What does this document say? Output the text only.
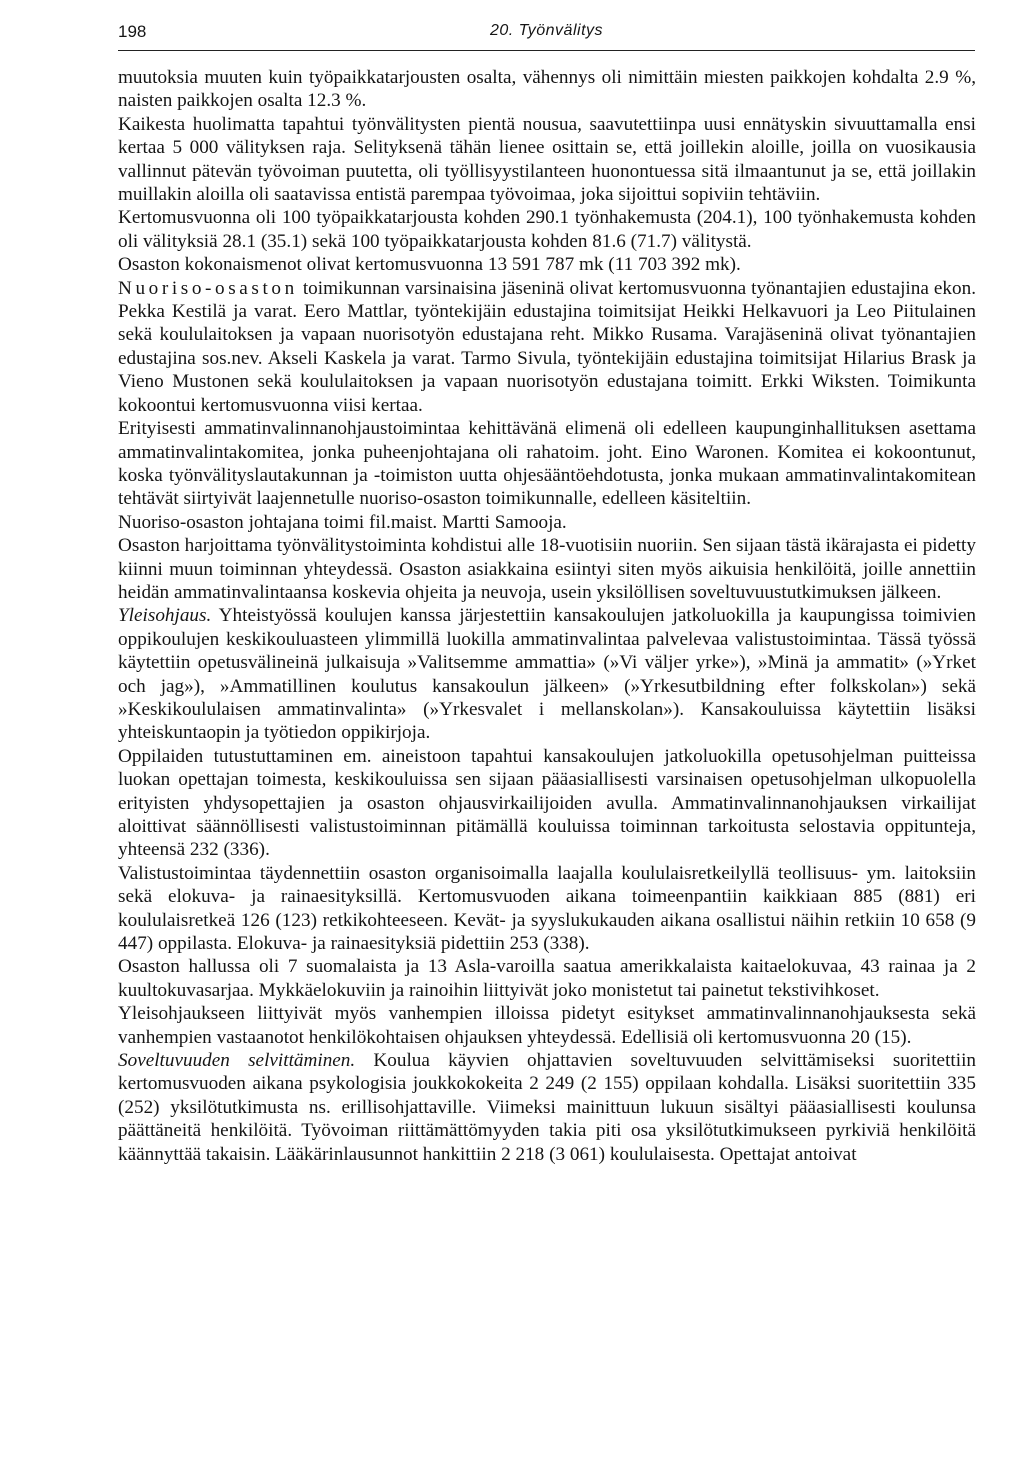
198	20. Työnvälitys

muutoksia muuten kuin työpaikkatarjousten osalta, vähennys oli nimittäin miesten paikkojen kohdalta 2.9 %, naisten paikkojen osalta 12.3 %.

Kaikesta huolimatta tapahtui työnvälitysten pientä nousua, saavutettiinpa uusi ennätyskin sivuuttamalla ensi kertaa 5 000 välityksen raja. Selityksenä tähän lienee osittain se, että joillekin aloille, joilla on vuosikausia vallinnut pätevän työvoiman puutetta, oli työllisyystilanteen huonontuessa sitä ilmaantunut ja se, että joillakin muillakin aloilla oli saatavissa entistä parempaa työvoimaa, joka sijoittui sopiviin tehtäviin.

Kertomusvuonna oli 100 työpaikkatarjousta kohden 290.1 työnhakemusta (204.1), 100 työnhakemusta kohden oli välityksiä 28.1 (35.1) sekä 100 työpaikkatarjousta kohden 81.6 (71.7) välitystä.

Osaston kokonaismenot olivat kertomusvuonna 13 591 787 mk (11 703 392 mk).

Nuoriso-osaston toimikunnan varsinaisina jäseninä olivat kertomusvuonna työnantajien edustajina ekon. Pekka Kestilä ja varat. Eero Mattlar, työntekijäin edustajina toimitsijat Heikki Helkavuori ja Leo Piitulainen sekä koululaitoksen ja vapaan nuorisotyön edustajana reht. Mikko Rusama. Varajäseninä olivat työnantajien edustajina sos.nev. Akseli Kaskela ja varat. Tarmo Sivula, työntekijäin edustajina toimitsijat Hilarius Brask ja Vieno Mustonen sekä koululaitoksen ja vapaan nuorisotyön edustajana toimitt. Erkki Wiksten. Toimikunta kokoontui kertomusvuonna viisi kertaa.

Erityisesti ammatinvalinnanohjaustoimintaa kehittävänä elimenä oli edelleen kaupunginhallituksen asettama ammatinvalintakomitea, jonka puheenjohtajana oli rahatoim. joht. Eino Waronen. Komitea ei kokoontunut, koska työnvälityslautakunnan ja -toimiston uutta ohjesääntöehdotusta, jonka mukaan ammatinvalintakomitean tehtävät siirtyivät laajennetulle nuoriso-osaston toimikunnalle, edelleen käsiteltiin.

Nuoriso-osaston johtajana toimi fil.maist. Martti Samooja.

Osaston harjoittama työnvälitystoiminta kohdistui alle 18-vuotisiin nuoriin. Sen sijaan tästä ikärajasta ei pidetty kiinni muun toiminnan yhteydessä. Osaston asiakkaina esiintyi siten myös aikuisia henkilöitä, joille annettiin heidän ammatinvalintaansa koskevia ohjeita ja neuvoja, usein yksilöllisen soveltuvuustutkimuksen jälkeen.

Yleisohjaus. Yhteistyössä koulujen kanssa järjestettiin kansakoulujen jatkoluokilla ja kaupungissa toimivien oppikoulujen keskikouluasteen ylimmillä luokilla ammatinvalintaa palvelevaa valistustoimintaa. Tässä työssä käytettiin opetusvälineinä julkaisuja »Valitsemme ammattia» (»Vi väljer yrke»), »Minä ja ammatit» (»Yrket och jag»), »Ammatillinen koulutus kansakoulun jälkeen» (»Yrkesutbildning efter folkskolan») sekä »Keskikoululaisen ammatinvalinta» (»Yrkesvalet i mellanskolan»). Kansakouluissa käytettiin lisäksi yhteiskuntaopin ja työtiedon oppikirjoja.

Oppilaiden tutustuttaminen em. aineistoon tapahtui kansakoulujen jatkoluokilla opetusohjelman puitteissa luokan opettajan toimesta, keskikouluissa sen sijaan pääasiallisesti varsinaisen opetusohjelman ulkopuolella erityisten yhdysopettajien ja osaston ohjausvirkailijoiden avulla. Ammatinvalinnanohjauksen virkailijat aloittivat säännöllisesti valistustoiminnan pitämällä kouluissa toiminnan tarkoitusta selostavia oppitunteja, yhteensä 232 (336).

Valistustoimintaa täydennettiin osaston organisoimalla laajalla koululaisretkeilyllä teollisuus- ym. laitoksiin sekä elokuva- ja rainaesityksillä. Kertomusvuoden aikana toimeenpantiin kaikkiaan 885 (881) eri koululaisretkeä 126 (123) retkikohteeseen. Kevät- ja syyslukukauden aikana osallistui näihin retkiin 10 658 (9 447) oppilasta. Elokuva- ja rainaesityksiä pidettiin 253 (338).

Osaston hallussa oli 7 suomalaista ja 13 Asla-varoilla saatua amerikkalaista kaitaelokuvaa, 43 rainaa ja 2 kuultokuvasarjaa. Mykkäelokuviin ja rainoihin liittyivät joko monistetut tai painetut tekstivihkoset.

Yleisohjaukseen liittyivät myös vanhempien illoissa pidetyt esitykset ammatinvalinnanohjauksesta sekä vanhempien vastaanotot henkilökohtaisen ohjauksen yhteydessä. Edellisiä oli kertomusvuonna 20 (15).

Soveltuvuuden selvittäminen. Koulua käyvien ohjattavien soveltuvuuden selvittämiseksi suoritettiin kertomusvuoden aikana psykologisia joukkokokeita 2 249 (2 155) oppilaan kohdalla. Lisäksi suoritettiin 335 (252) yksilötutkimusta ns. erillisohjattaville. Viimeksi mainittuun lukuun sisältyi pääasiallisesti koulunsa päättäneitä henkilöitä. Työvoiman riittämättömyyden takia piti osa yksilötutkimukseen pyrkiviä henkilöitä käännyttää takaisin. Lääkärinlausunnot hankittiin 2 218 (3 061) koululaisesta. Opettajat antoivat
